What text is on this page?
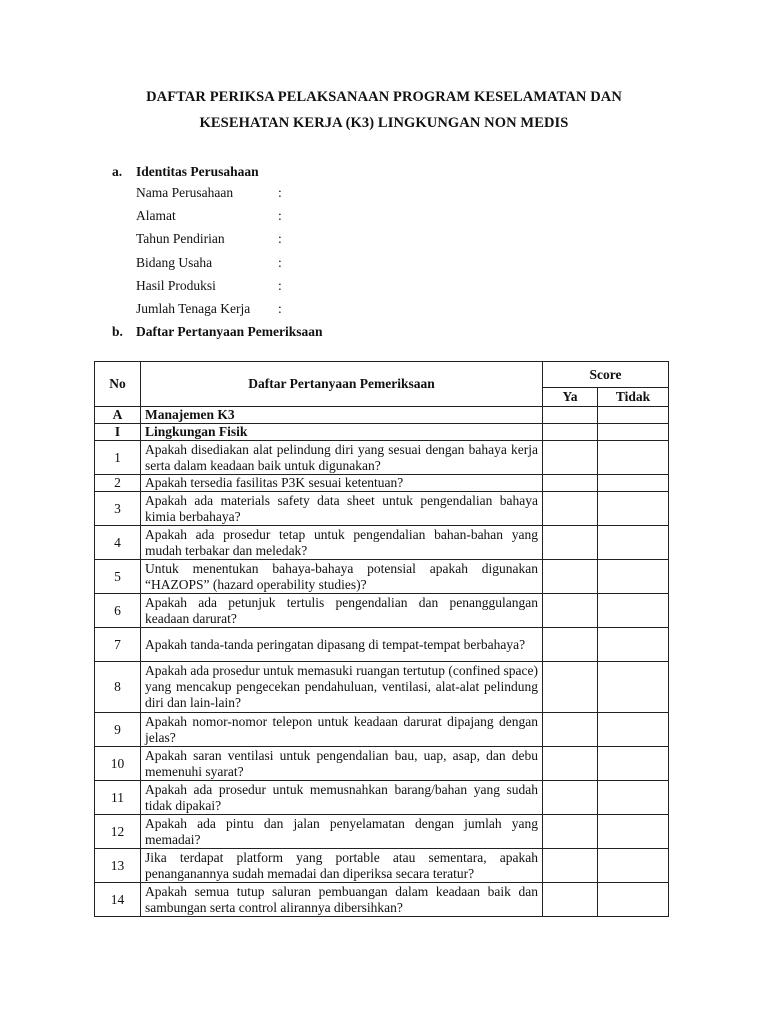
DAFTAR PERIKSA PELAKSANAAN PROGRAM KESELAMATAN DAN
KESEHATAN KERJA (K3) LINGKUNGAN NON MEDIS
a. Identitas Perusahaan
Nama Perusahaan	:
Alamat	:
Tahun Pendirian	:
Bidang Usaha	:
Hasil Produksi	:
Jumlah Tenaga Kerja :
b. Daftar Pertanyaan Pemeriksaan
No	Daftar Pertanyaan Pemeriksaan	Score	
		Ya	Tidak
A	Manajemen K3		
I	Lingkungan Fisik		
1	Apakah disediakan alat pelindung diri yang sesuai dengan bahaya kerja serta dalam keadaan baik untuk digunakan?		
2	Apakah tersedia fasilitas P3K sesuai ketentuan?		
3	Apakah ada materials safety data sheet untuk pengendalian bahaya kimia berbahaya?		
4	Apakah ada prosedur tetap untuk pengendalian bahan-bahan yang mudah terbakar dan meledak?		
5	Untuk menentukan bahaya-bahaya potensial apakah digunakan “HAZOPS” (hazard operability studies)?		
6	Apakah ada petunjuk tertulis pengendalian dan penanggulangan keadaan darurat?		
7	Apakah tanda-tanda peringatan dipasang di tempat-tempat berbahaya?		
8	Apakah ada prosedur untuk memasuki ruangan tertutup (confined space) yang mencakup pengecekan pendahuluan, ventilasi, alat-alat pelindung diri dan lain-lain?		
9	Apakah nomor-nomor telepon untuk keadaan darurat dipajang dengan jelas?		
10	Apakah saran ventilasi untuk pengendalian bau, uap, asap, dan debu memenuhi syarat?		
11	Apakah ada prosedur untuk memusnahkan barang/bahan yang sudah tidak dipakai?		
12	Apakah ada pintu dan jalan penyelamatan dengan jumlah yang memadai?		
13	Jika terdapat platform yang portable atau sementara, apakah penanganannya sudah memadai dan diperiksa secara teratur?		
14	Apakah semua tutup saluran pembuangan dalam keadaan baik dan sambungan serta control alirannya dibersihkan?		
